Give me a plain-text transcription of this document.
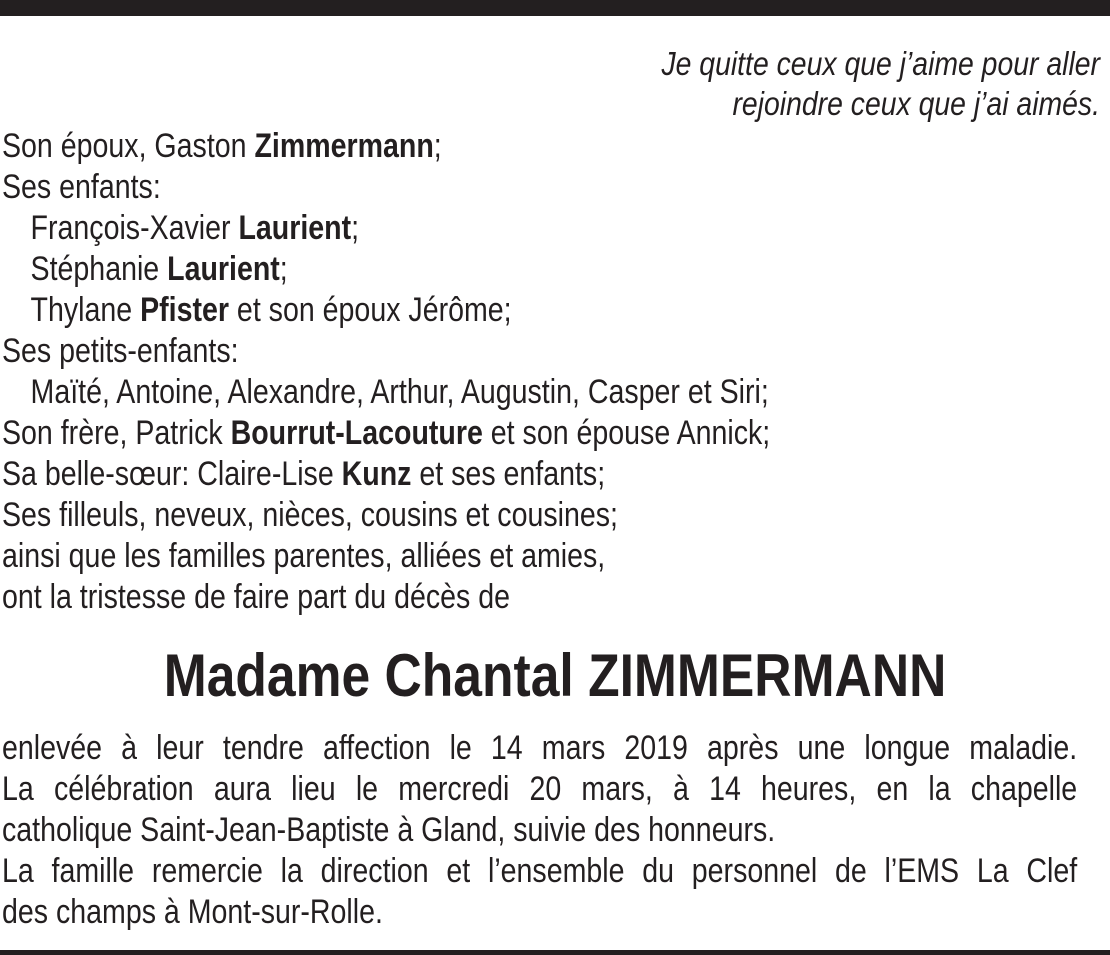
Je quitte ceux que j’aime pour aller
rejoindre ceux que j’ai aimés.
Son époux, Gaston Zimmermann;
Ses enfants:
François-Xavier Laurient;
Stéphanie Laurient;
Thylane Pfister et son époux Jérôme;
Ses petits-enfants:
Maïté, Antoine, Alexandre, Arthur, Augustin, Casper et Siri;
Son frère, Patrick Bourrut-Lacouture et son épouse Annick;
Sa belle-sœur: Claire-Lise Kunz et ses enfants;
Ses filleuls, neveux, nièces, cousins et cousines;
ainsi que les familles parentes, alliées et amies,
ont la tristesse de faire part du décès de
Madame Chantal ZIMMERMANN
enlevée à leur tendre affection le 14 mars 2019 après une longue maladie.
La célébration aura lieu le mercredi 20 mars, à 14 heures, en la chapelle
catholique Saint-Jean-Baptiste à Gland, suivie des honneurs.
La famille remercie la direction et l’ensemble du personnel de l’EMS La Clef
des champs à Mont-sur-Rolle.
